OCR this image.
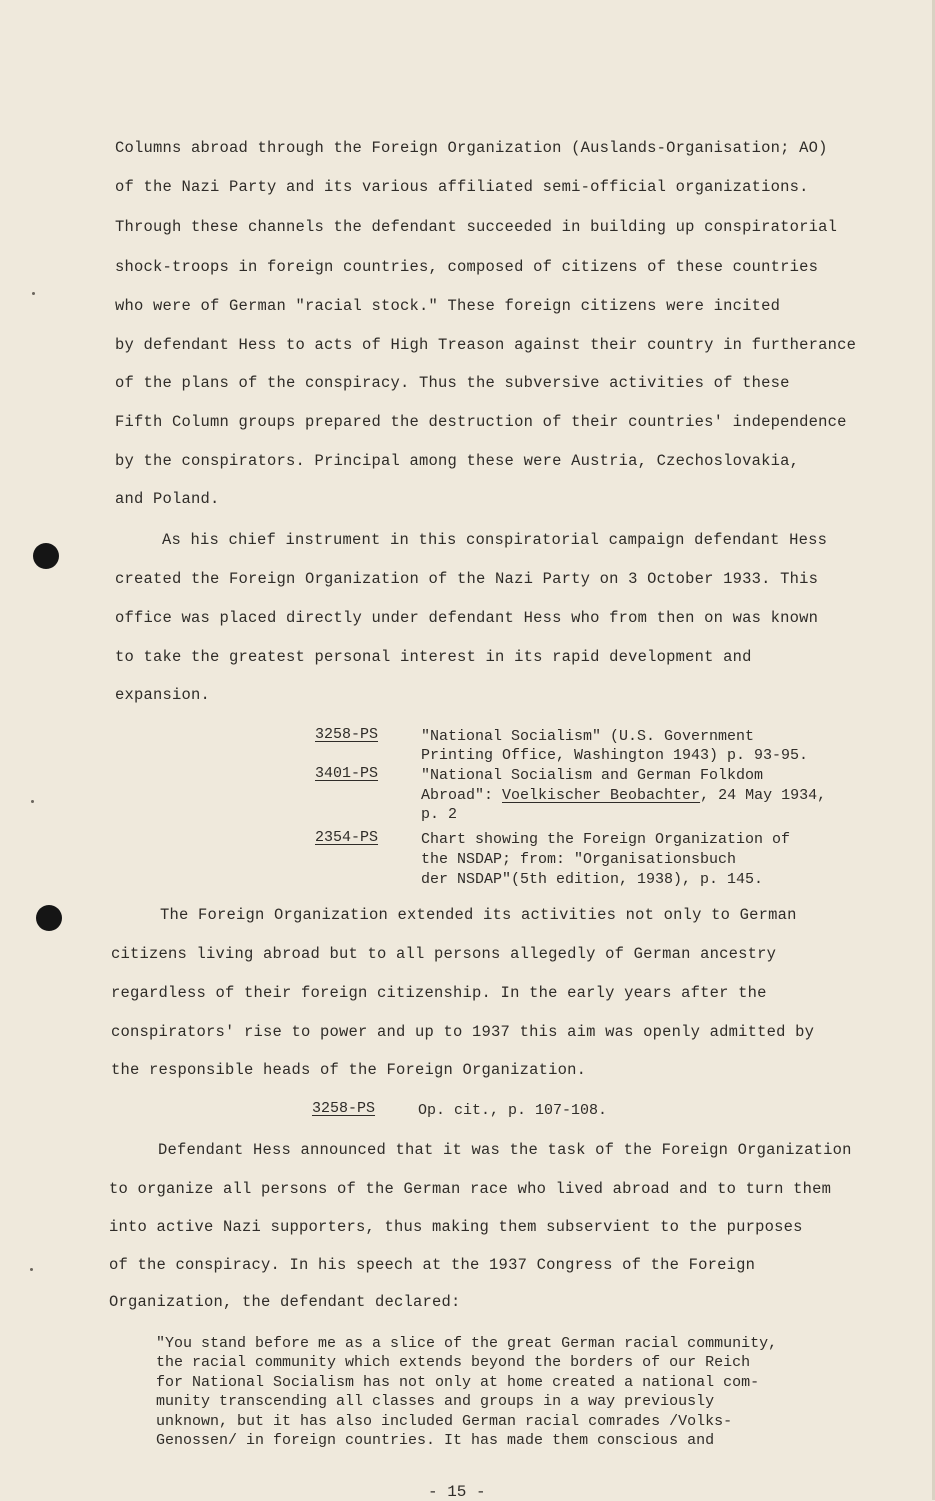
Columns abroad through the Foreign Organization (Auslands-Organisation; AO)
of the Nazi Party and its various affiliated semi-official organizations.
Through these channels the defendant succeeded in building up conspiratorial
shock-troops in foreign countries, composed of citizens of these countries
who were of German "racial stock." These foreign citizens were incited
by defendant Hess to acts of High Treason against their country in furtherance
of the plans of the conspiracy. Thus the subversive activities of these
Fifth Column groups prepared the destruction of their countries' independence
by the conspirators. Principal among these were Austria, Czechoslovakia,
and Poland.
As his chief instrument in this conspiratorial campaign defendant Hess
created the Foreign Organization of the Nazi Party on 3 October 1933. This
office was placed directly under defendant Hess who from then on was known
to take the greatest personal interest in its rapid development and
expansion.
3258-PS	"National Socialism" (U.S. Government
Printing Office, Washington 1943) p. 93-95.
3401-PS	"National Socialism and German Folkdom
Abroad": Voelkischer Beobachter, 24 May 1934,
p. 2
2354-PS	Chart showing the Foreign Organization of
the NSDAP; from: "Organisationsbuch
der NSDAP"(5th edition, 1938), p. 145.
The Foreign Organization extended its activities not only to German
citizens living abroad but to all persons allegedly of German ancestry
regardless of their foreign citizenship. In the early years after the
conspirators' rise to power and up to 1937 this aim was openly admitted by
the responsible heads of the Foreign Organization.
3258-PS	Op. cit., p. 107-108.
Defendant Hess announced that it was the task of the Foreign Organization
to organize all persons of the German race who lived abroad and to turn them
into active Nazi supporters, thus making them subservient to the purposes
of the conspiracy. In his speech at the 1937 Congress of the Foreign
Organization, the defendant declared:
"You stand before me as a slice of the great German racial community,
the racial community which extends beyond the borders of our Reich
for National Socialism has not only at home created a national com-
munity transcending all classes and groups in a way previously
unknown, but it has also included German racial comrades /Volks-
Genossen/ in foreign countries. It has made them conscious and
- 15 -
